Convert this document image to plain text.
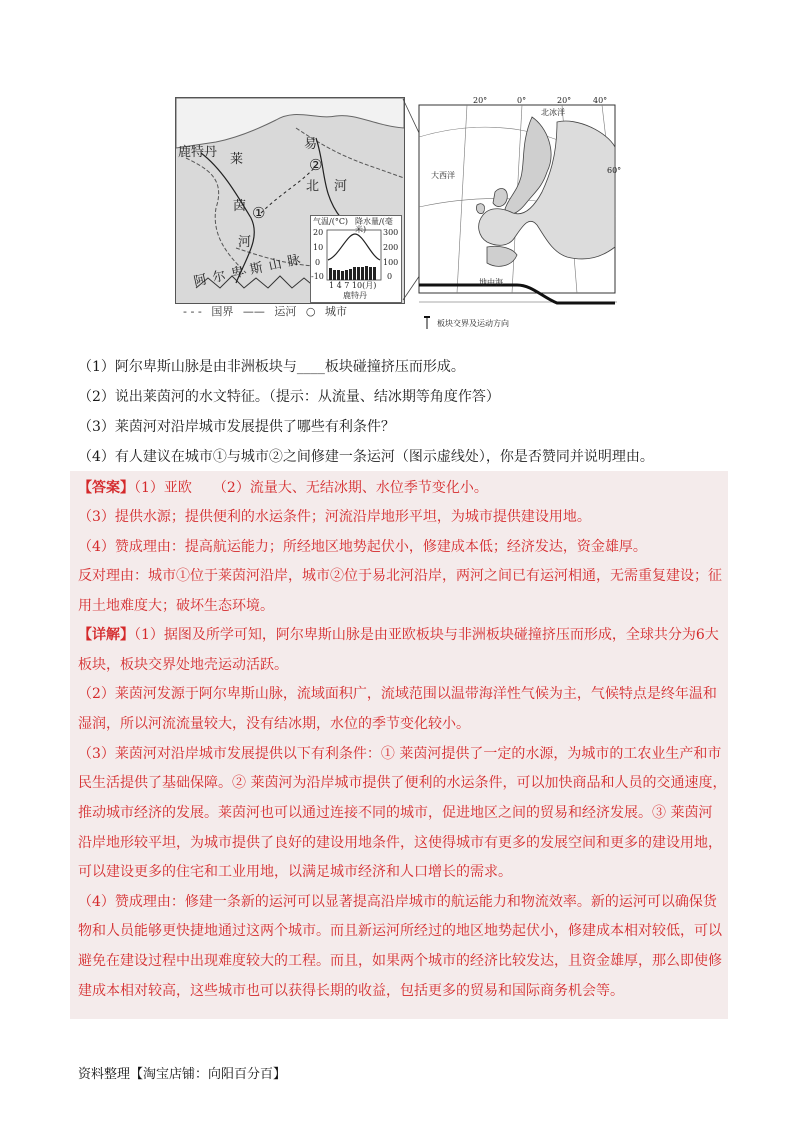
鹿特丹 莱
易
②
北 河
茵 ①
河
阿 尔 卑 斯 山 脉
气温/(°C) 降水量/(毫米)
20
10
0
-10
300
200
100
0
1 4 7 10(月)
鹿特丹
- - - 国界 —— 运河 ○ 城市
20°	0°	20°	40°
60°
北冰洋
大西洋
地中海
板块交界及运动方向
（1）阿尔卑斯山脉是由非洲板块与____板块碰撞挤压而形成。
（2）说出莱茵河的水文特征。（提示：从流量、结冰期等角度作答）
（3）莱茵河对沿岸城市发展提供了哪些有利条件？
（4）有人建议在城市①与城市②之间修建一条运河（图示虚线处），你是否赞同并说明理由。
【答案】（1）亚欧　　（2）流量大、无结冰期、水位季节变化小。
（3）提供水源；提供便利的水运条件；河流沿岸地形平坦，为城市提供建设用地。
（4）赞成理由：提高航运能力；所经地区地势起伏小，修建成本低；经济发达，资金雄厚。
反对理由：城市①位于莱茵河沿岸，城市②位于易北河沿岸，两河之间已有运河相通，无需重复建设；征
用土地难度大；破坏生态环境。
【详解】（1）据图及所学可知，阿尔卑斯山脉是由亚欧板块与非洲板块碰撞挤压而形成，全球共分为6大
板块，板块交界处地壳运动活跃。
（2）莱茵河发源于阿尔卑斯山脉，流域面积广，流域范围以温带海洋性气候为主，气候特点是终年温和
湿润，所以河流流量较大，没有结冰期，水位的季节变化较小。
（3）莱茵河对沿岸城市发展提供以下有利条件：① 莱茵河提供了一定的水源，为城市的工农业生产和市
民生活提供了基础保障。② 莱茵河为沿岸城市提供了便利的水运条件，可以加快商品和人员的交通速度，
推动城市经济的发展。莱茵河也可以通过连接不同的城市，促进地区之间的贸易和经济发展。③ 莱茵河
沿岸地形较平坦，为城市提供了良好的建设用地条件，这使得城市有更多的发展空间和更多的建设用地，
可以建设更多的住宅和工业用地，以满足城市经济和人口增长的需求。
（4）赞成理由：修建一条新的运河可以显著提高沿岸城市的航运能力和物流效率。新的运河可以确保货
物和人员能够更快捷地通过这两个城市。而且新运河所经过的地区地势起伏小，修建成本相对较低，可以
避免在建设过程中出现难度较大的工程。而且，如果两个城市的经济比较发达，且资金雄厚，那么即使修
建成本相对较高，这些城市也可以获得长期的收益，包括更多的贸易和国际商务机会等。
资料整理【淘宝店铺：向阳百分百】
